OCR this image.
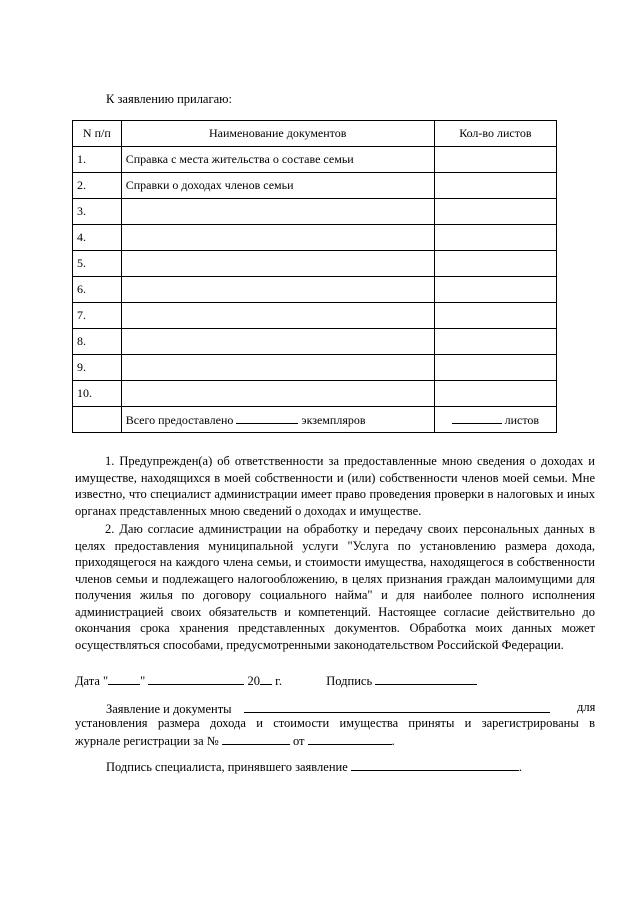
К заявлению прилагаю:
N п/п	Наименование документов	Кол-во листов
1.	Справка с места жительства о составе семьи	
2.	Справки о доходах членов семьи	
3.		
4.		
5.		
6.		
7.		
8.		
9.		
10.		
	Всего предоставлено экземпляров	листов

1. Предупрежден(а) об ответственности за предоставленные мною сведения о доходах и имуществе, находящихся в моей собственности и (или) собственности членов моей семьи. Мне известно, что специалист администрации имеет право проведения проверки в налоговых и иных органах представленных мною сведений о доходах и имуществе.

2. Даю согласие администрации на обработку и передачу своих персональных данных в целях предоставления муниципальной услуги "Услуга по установлению размера дохода, приходящегося на каждого члена семьи, и стоимости имущества, находящегося в собственности членов семьи и подлежащего налогообложению, в целях признания граждан малоимущими для получения жилья по договору социального найма" и для наиболее полного исполнения администрацией своих обязательств и компетенций. Настоящее согласие действительно до окончания срока хранения представленных документов. Обработка моих данных может осуществляться способами, предусмотренными законодательством Российской Федерации.

Дата "	"	20 г.	Подпись
Заявление и документы	для
установления размера дохода и стоимости имущества приняты и зарегистрированы в
журнале регистрации за №	от	.
Подпись специалиста, принявшего заявление	.
